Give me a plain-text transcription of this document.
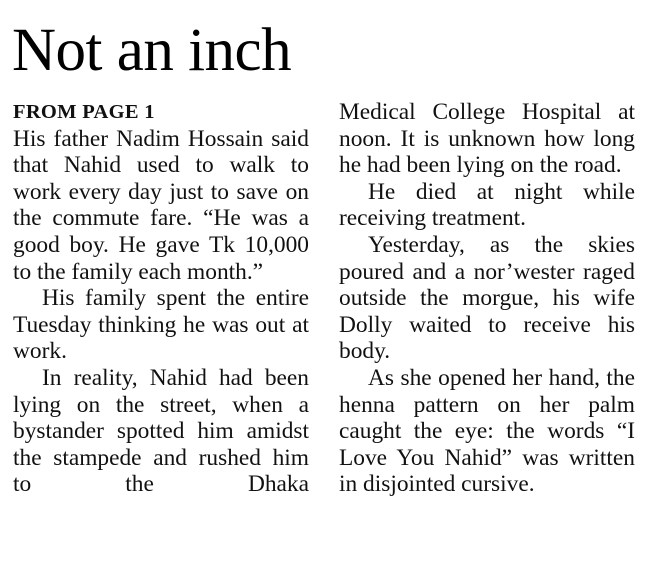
Not an inch
FROM PAGE 1

His father Nadim Hossain said that Nahid used to walk to work every day just to save on the commute fare. “He was a good boy. He gave Tk 10,000 to the family each month.”

His family spent the entire Tuesday thinking he was out at work.

In reality, Nahid had been lying on the street, when a bystander spotted him amidst the stampede and rushed him to the Dhaka

Medical College Hospital at noon. It is unknown how long he had been lying on the road.

He died at night while receiving treatment.

Yesterday, as the skies poured and a nor’wester raged outside the morgue, his wife Dolly waited to receive his body.

As she opened her hand, the henna pattern on her palm caught the eye: the words “I Love You Nahid” was written in disjointed cursive.
